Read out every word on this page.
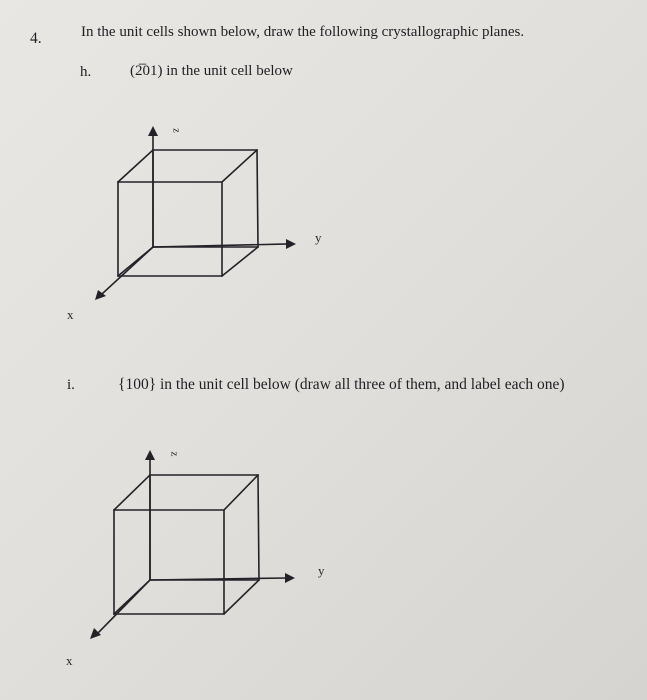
4.	In the unit cells shown below, draw the following crystallographic planes.
h.	(2̅01) in the unit cell below
z
y
x
i.	{100} in the unit cell below (draw all three of them, and label each one)
z
y
x
